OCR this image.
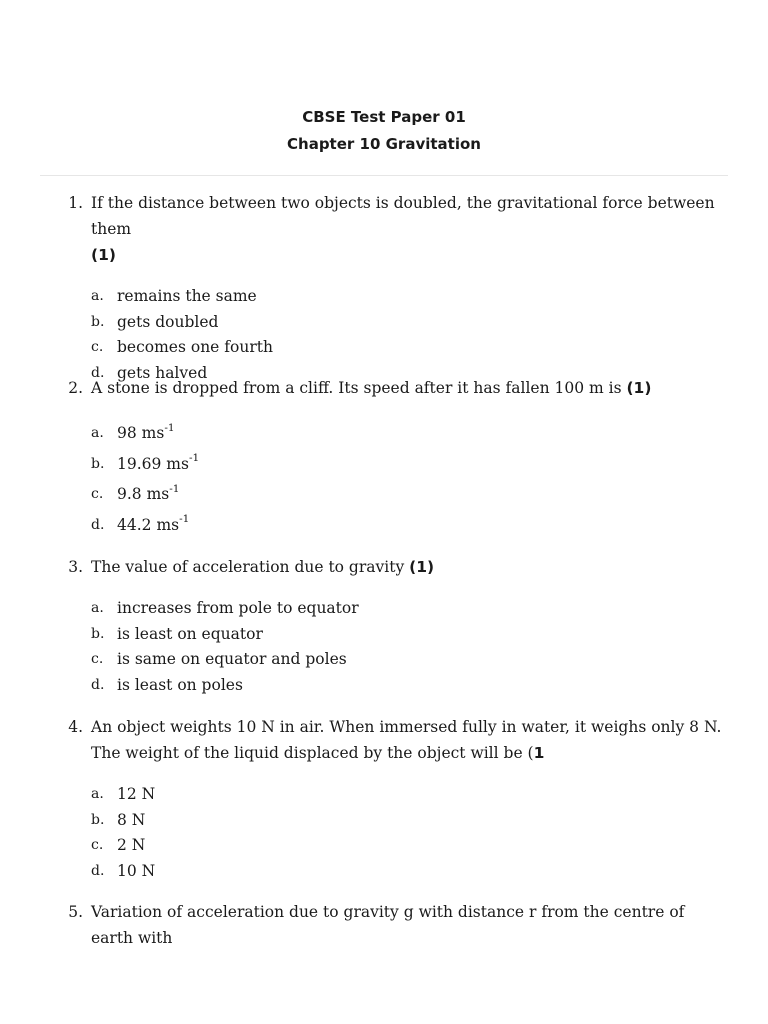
CBSE Test Paper 01
Chapter 10 Gravitation
1. If the distance between two objects is doubled, the gravitational force between them
(1)
a. remains the same
b. gets doubled
c. becomes one fourth
d. gets halved
2. A stone is dropped from a cliff. Its speed after it has fallen 100 m is (1)
a. 98 $ms^{-1}$
b. 19.69 $ms^{-1}$
c. 9.8 $ms^{-1}$
d. 44.2 $ms^{-1}$
3. The value of acceleration due to gravity (1)
a. increases from pole to equator
b. is least on equator
c. is same on equator and poles
d. is least on poles
4. An object weights 10 N in air. When immersed fully in water, it weighs only 8 N. The weight of the liquid displaced by the object will be (1
a. 12 N
b. 8 N
c. 2 N
d. 10 N
5. Variation of acceleration due to gravity g with distance r from the centre of earth with
